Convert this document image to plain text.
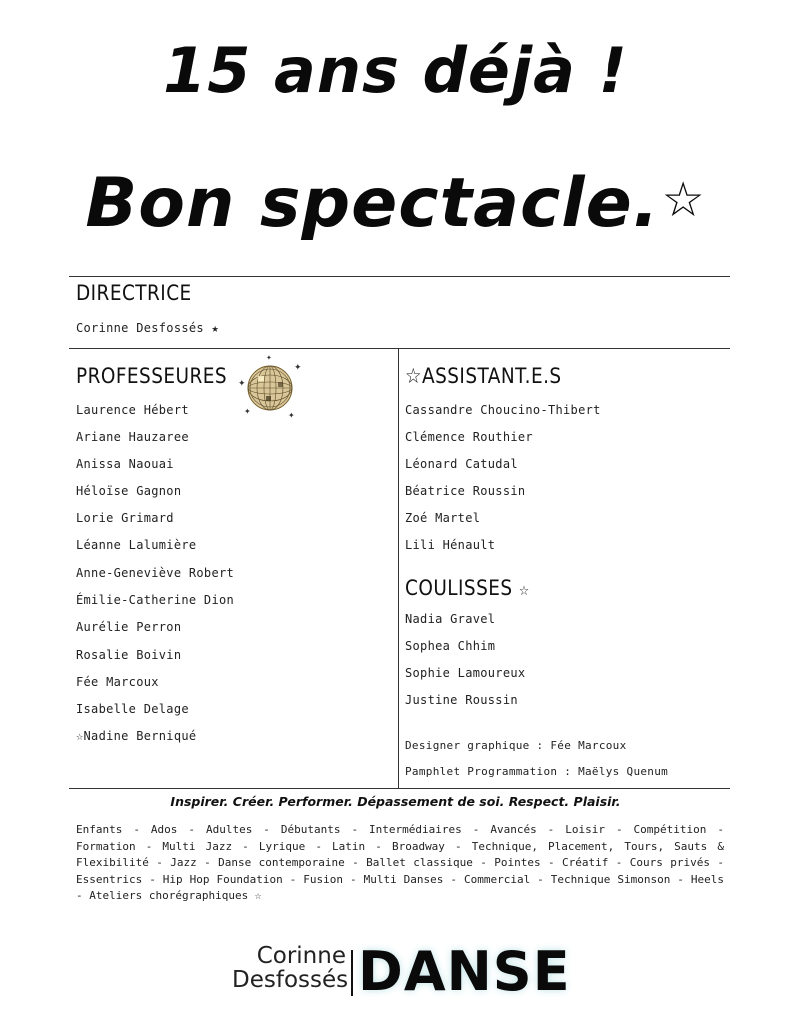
15 ans déjà !
Bon spectacle.☆
DIRECTRICE
Corinne Desfossés ★
PROFESSEURES ✦
✦
✦
✦
✦
Laurence Hébert
Ariane Hauzaree
Anissa Naouai
Héloïse Gagnon
Lorie Grimard
Léanne Lalumière
Anne-Geneviève Robert
Émilie-Catherine Dion
Aurélie Perron
Rosalie Boivin
Fée Marcoux
Isabelle Delage
☆Nadine Berniqué
☆ASSISTANT.E.S
Cassandre Choucino-Thibert
Clémence Routhier
Léonard Catudal
Béatrice Roussin
Zoé Martel
Lili Hénault
COULISSES ☆
Nadia Gravel
Sophea Chhim
Sophie Lamoureux
Justine Roussin
Designer graphique : Fée Marcoux
Pamphlet Programmation : Maëlys Quenum
Inspirer. Créer. Performer. Dépassement de soi. Respect. Plaisir.
Enfants - Ados - Adultes - Débutants - Intermédiaires - Avancés - Loisir - Compétition - Formation - Multi Jazz - Lyrique - Latin - Broadway - Technique, Placement, Tours, Sauts & Flexibilité - Jazz - Danse contemporaine - Ballet classique - Pointes - Créatif - Cours privés - Essentrics - Hip Hop Foundation - Fusion - Multi Danses - Commercial - Technique Simonson - Heels - Ateliers chorégraphiques ☆
Corinne
Desfossés DANSE
